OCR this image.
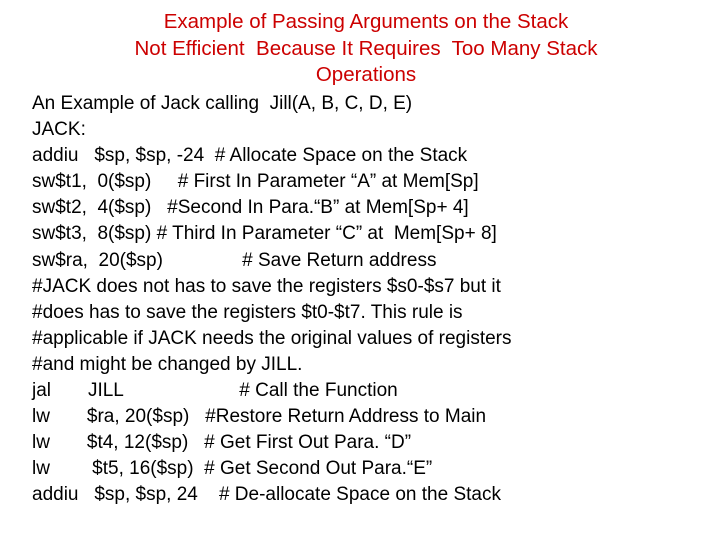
Example of Passing Arguments on the Stack
Not Efficient  Because It Requires  Too Many Stack
Operations
An Example of Jack calling  Jill(A, B, C, D, E)
JACK:
addiu   $sp, $sp, -24  # Allocate Space on the Stack
sw$t1,  0($sp)     # First In Parameter “A” at Mem[Sp]
sw$t2,  4($sp)   #Second In Para.“B” at Mem[Sp+ 4]
sw$t3,  8($sp) # Third In Parameter “C” at  Mem[Sp+ 8]
sw$ra,  20($sp)               # Save Return address
#JACK does not has to save the registers $s0-$s7 but it
#does has to save the registers $t0-$t7. This rule is
#applicable if JACK needs the original values of registers
#and might be changed by JILL.
jal       JILL                      # Call the Function
lw       $ra, 20($sp)   #Restore Return Address to Main
lw       $t4, 12($sp)   # Get First Out Para. “D”
lw        $t5, 16($sp)  # Get Second Out Para.“E”
addiu   $sp, $sp, 24    # De-allocate Space on the Stack
